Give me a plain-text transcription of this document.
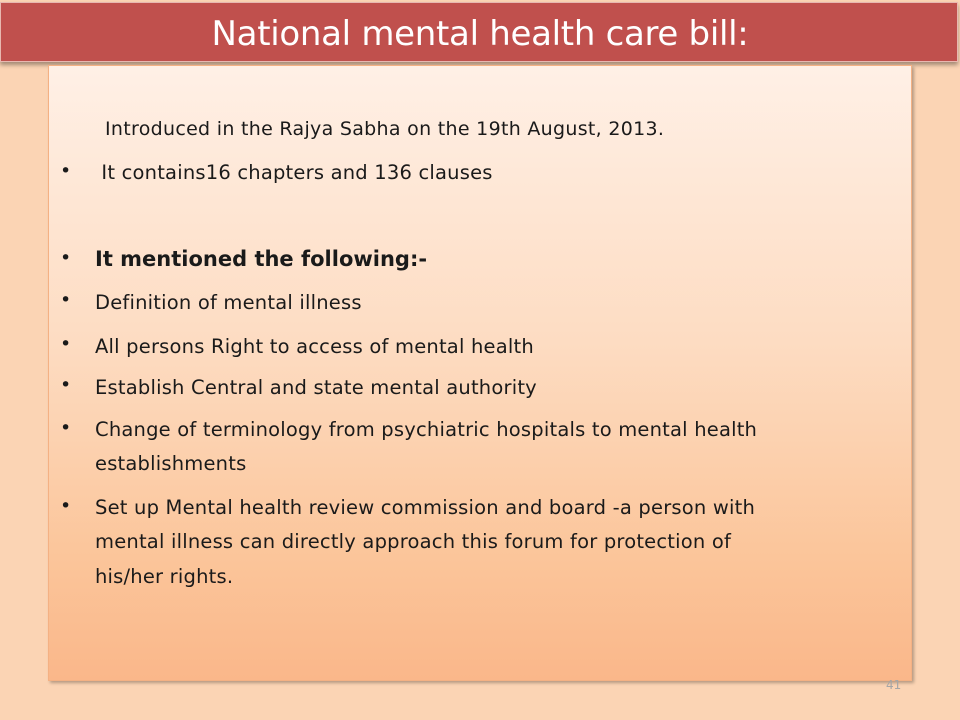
National mental health care bill:
Introduced in the Rajya Sabha on the 19th August, 2013.
• It contains16 chapters and 136 clauses
• It mentioned the following:-
• Definition of mental illness
• All persons Right to access of mental health
• Establish Central and state mental authority
• Change of terminology from psychiatric hospitals to mental health
establishments
• Set up Mental health review commission and board -a person with
mental illness can directly approach this forum for protection of
his/her rights.
41
